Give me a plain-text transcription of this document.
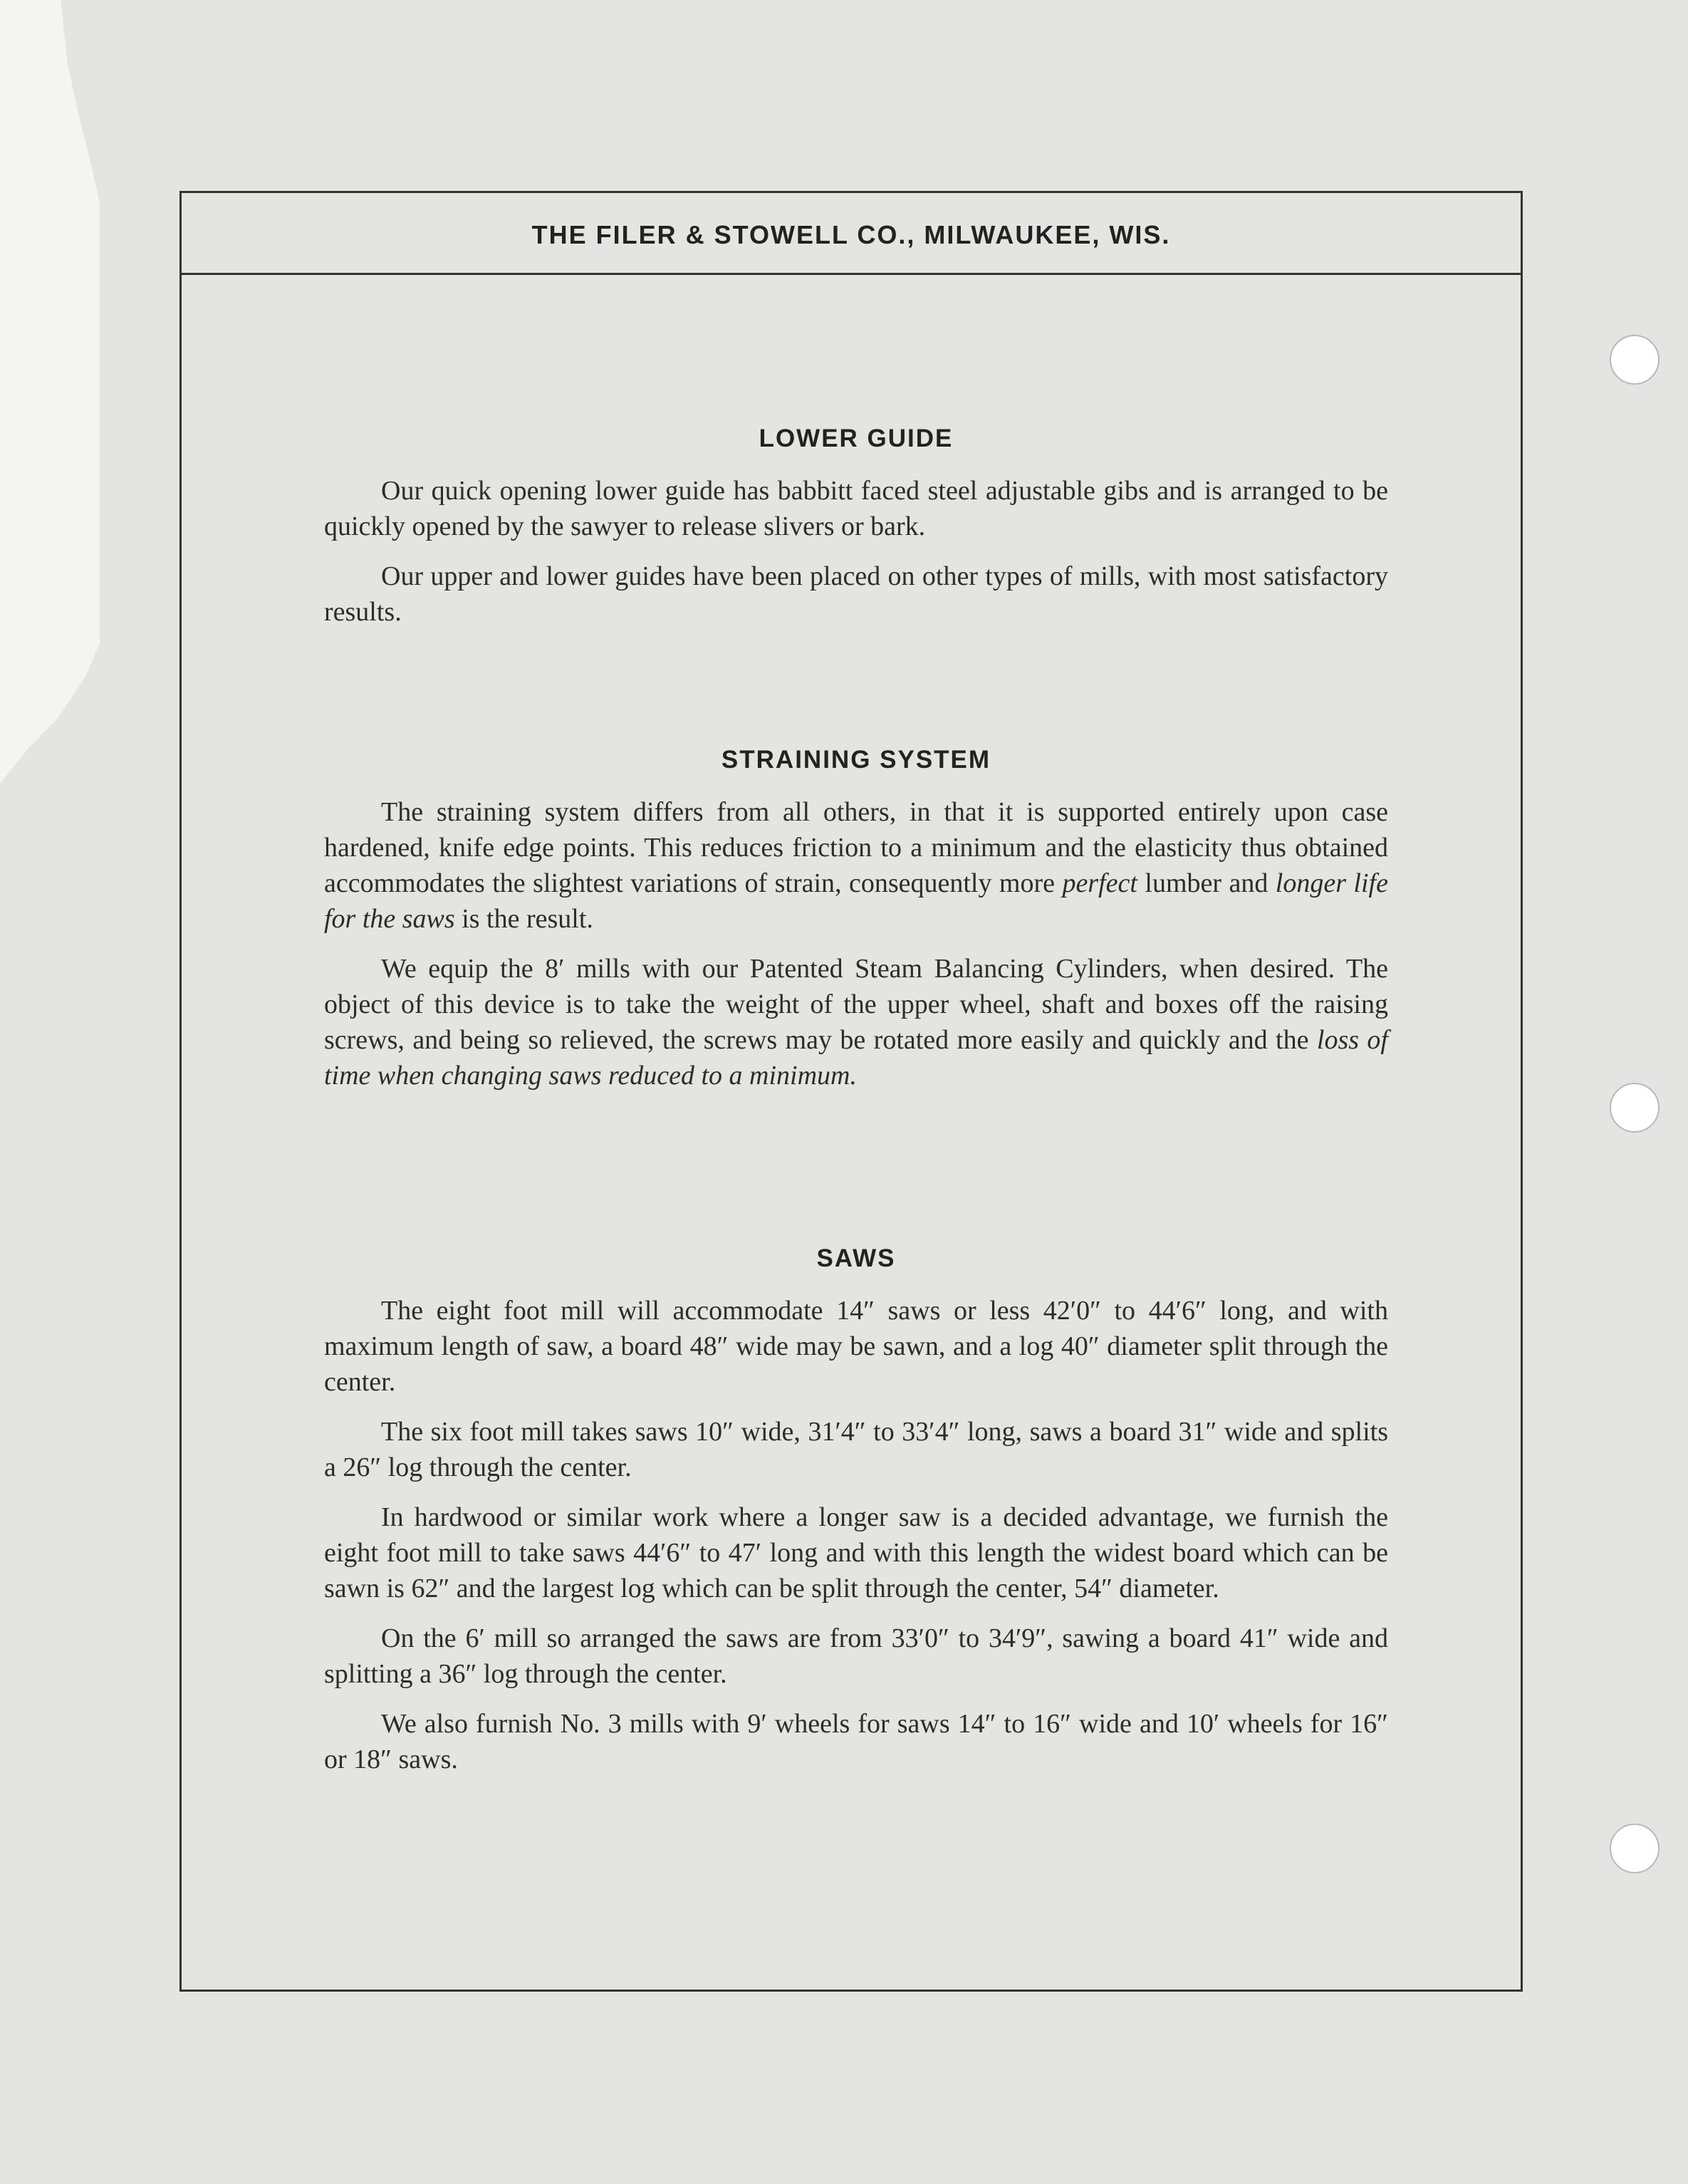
THE FILER & STOWELL CO., MILWAUKEE, WIS.
LOWER GUIDE

Our quick opening lower guide has babbitt faced steel adjustable gibs and is arranged to be quickly opened by the sawyer to release slivers or bark.

Our upper and lower guides have been placed on other types of mills, with most satisfactory results.

STRAINING SYSTEM

The straining system differs from all others, in that it is supported entirely upon case hardened, knife edge points. This reduces friction to a minimum and the elasticity thus obtained accommodates the slightest variations of strain, consequently more perfect lumber and longer life for the saws is the result.

We equip the 8′ mills with our Patented Steam Balancing Cylinders, when desired. The object of this device is to take the weight of the upper wheel, shaft and boxes off the raising screws, and being so relieved, the screws may be rotated more easily and quickly and the loss of time when changing saws reduced to a minimum.

SAWS

The eight foot mill will accommodate 14″ saws or less 42′0″ to 44′6″ long, and with maximum length of saw, a board 48″ wide may be sawn, and a log 40″ diameter split through the center.

The six foot mill takes saws 10″ wide, 31′4″ to 33′4″ long, saws a board 31″ wide and splits a 26″ log through the center.

In hardwood or similar work where a longer saw is a decided advantage, we furnish the eight foot mill to take saws 44′6″ to 47′ long and with this length the widest board which can be sawn is 62″ and the largest log which can be split through the center, 54″ diameter.

On the 6′ mill so arranged the saws are from 33′0″ to 34′9″, sawing a board 41″ wide and splitting a 36″ log through the center.

We also furnish No. 3 mills with 9′ wheels for saws 14″ to 16″ wide and 10′ wheels for 16″ or 18″ saws.
